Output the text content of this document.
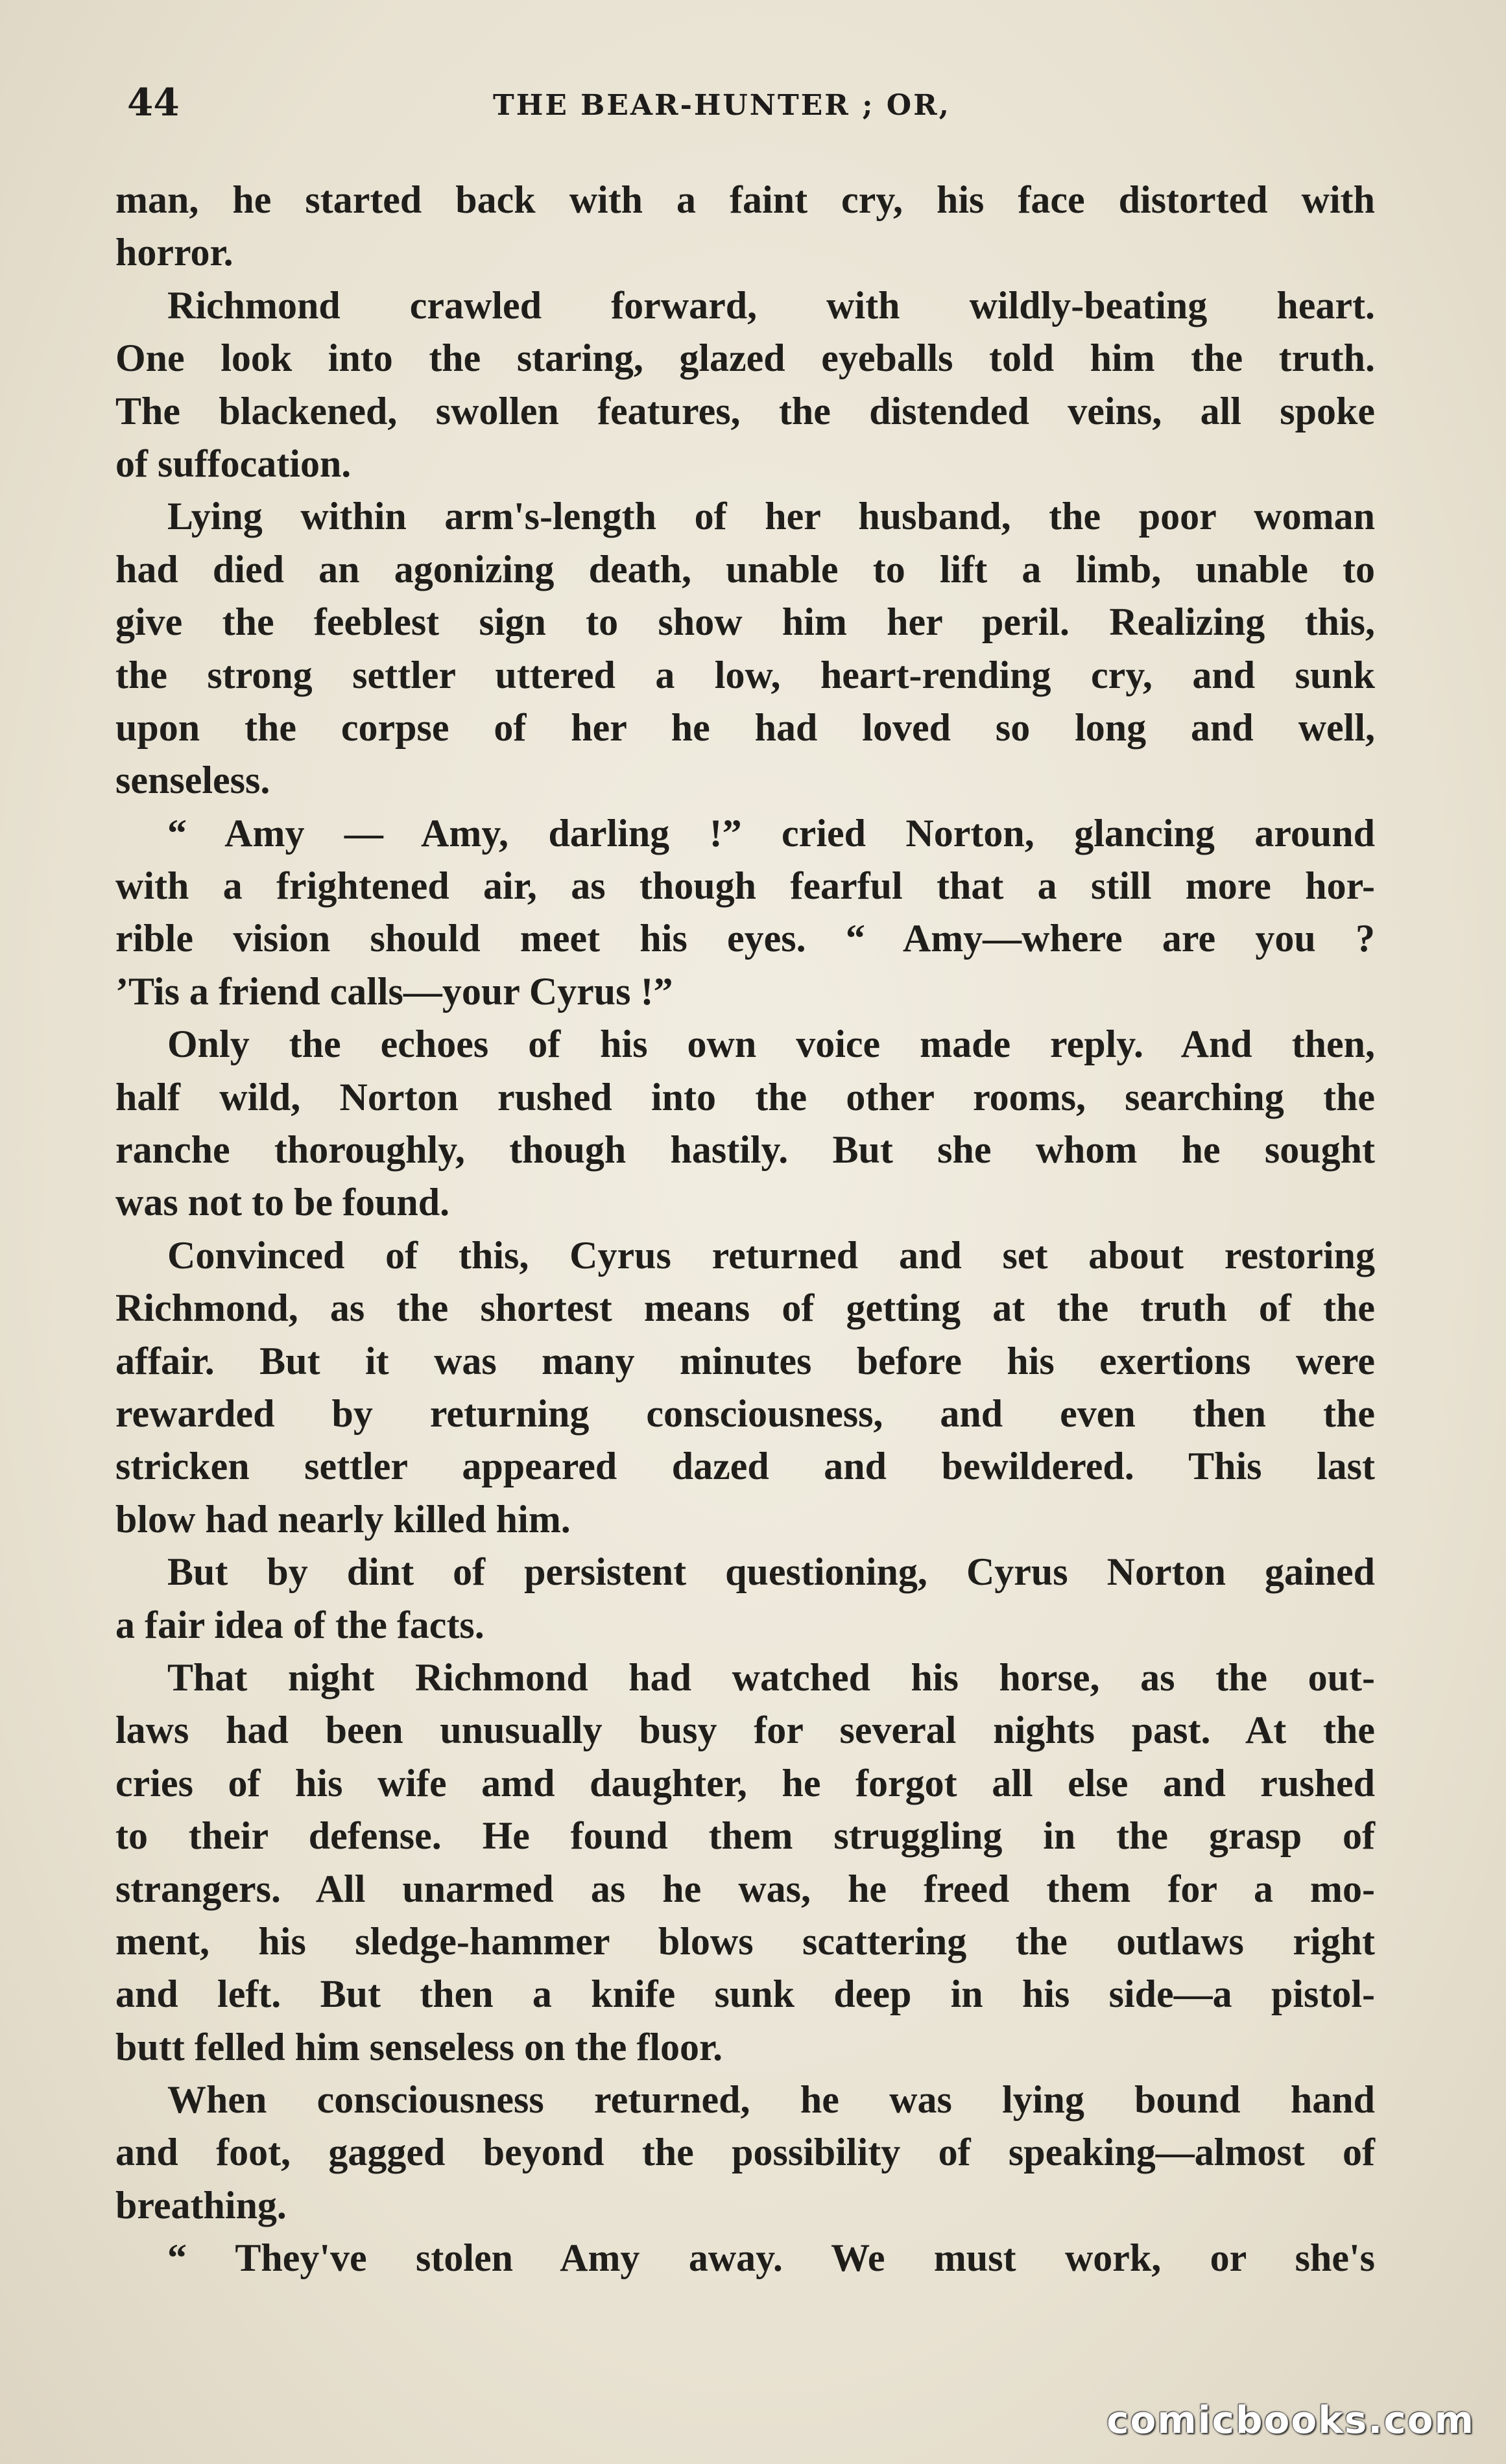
44	THE BEAR-HUNTER ; OR,
man, he started back with a faint cry, his face distorted with
horror.
Richmond crawled forward, with wildly-beating heart.
One look into the staring, glazed eyeballs told him the truth.
The blackened, swollen features, the distended veins, all spoke
of suffocation.
Lying within arm's-length of her husband, the poor woman
had died an agonizing death, unable to lift a limb, unable to
give the feeblest sign to show him her peril. Realizing this,
the strong settler uttered a low, heart-rending cry, and sunk
upon the corpse of her he had loved so long and well,
senseless.
“ Amy — Amy, darling !” cried Norton, glancing around
with a frightened air, as though fearful that a still more hor-
rible vision should meet his eyes. “ Amy—where are you ?
’Tis a friend calls—your Cyrus !”
Only the echoes of his own voice made reply. And then,
half wild, Norton rushed into the other rooms, searching the
ranche thoroughly, though hastily. But she whom he sought
was not to be found.
Convinced of this, Cyrus returned and set about restoring
Richmond, as the shortest means of getting at the truth of the
affair. But it was many minutes before his exertions were
rewarded by returning consciousness, and even then the
stricken settler appeared dazed and bewildered. This last
blow had nearly killed him.
But by dint of persistent questioning, Cyrus Norton gained
a fair idea of the facts.
That night Richmond had watched his horse, as the out-
laws had been unusually busy for several nights past. At the
cries of his wife amd daughter, he forgot all else and rushed
to their defense. He found them struggling in the grasp of
strangers. All unarmed as he was, he freed them for a mo-
ment, his sledge-hammer blows scattering the outlaws right
and left. But then a knife sunk deep in his side—a pistol-
butt felled him senseless on the floor.
When consciousness returned, he was lying bound hand
and foot, gagged beyond the possibility of speaking—almost of
breathing.
“ They've stolen Amy away. We must work, or she's
comicbooks.com
